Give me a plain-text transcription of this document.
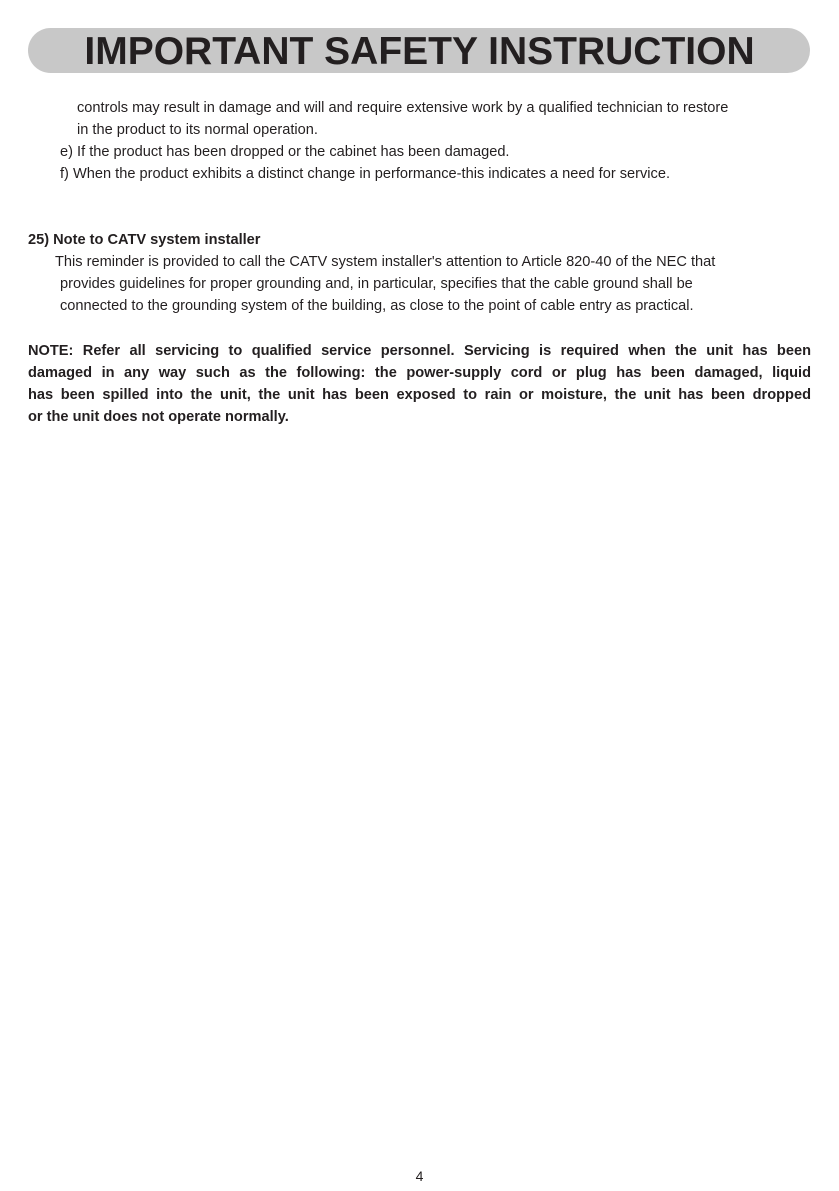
IMPORTANT SAFETY INSTRUCTION
controls may result in damage and will and require extensive work by a qualified technician to restore
in the product to its normal operation.
e) If the product has been dropped or the cabinet has been damaged.
f) When the product exhibits a distinct change in performance-this indicates a need for service.
25) Note to CATV system installer
This reminder is provided to call the CATV system installer's attention to Article 820-40 of the NEC that
provides guidelines for proper grounding and, in particular, specifies that the cable ground shall be
connected to the grounding system of the building, as close to the point of cable entry as practical.
NOTE: Refer all servicing to qualified service personnel. Servicing is required when the unit has been
damaged in any way such as the following: the power-supply cord or plug has been damaged, liquid
has been spilled into the unit, the unit has been exposed to rain or moisture, the unit has been dropped
or the unit does not operate normally.
4
